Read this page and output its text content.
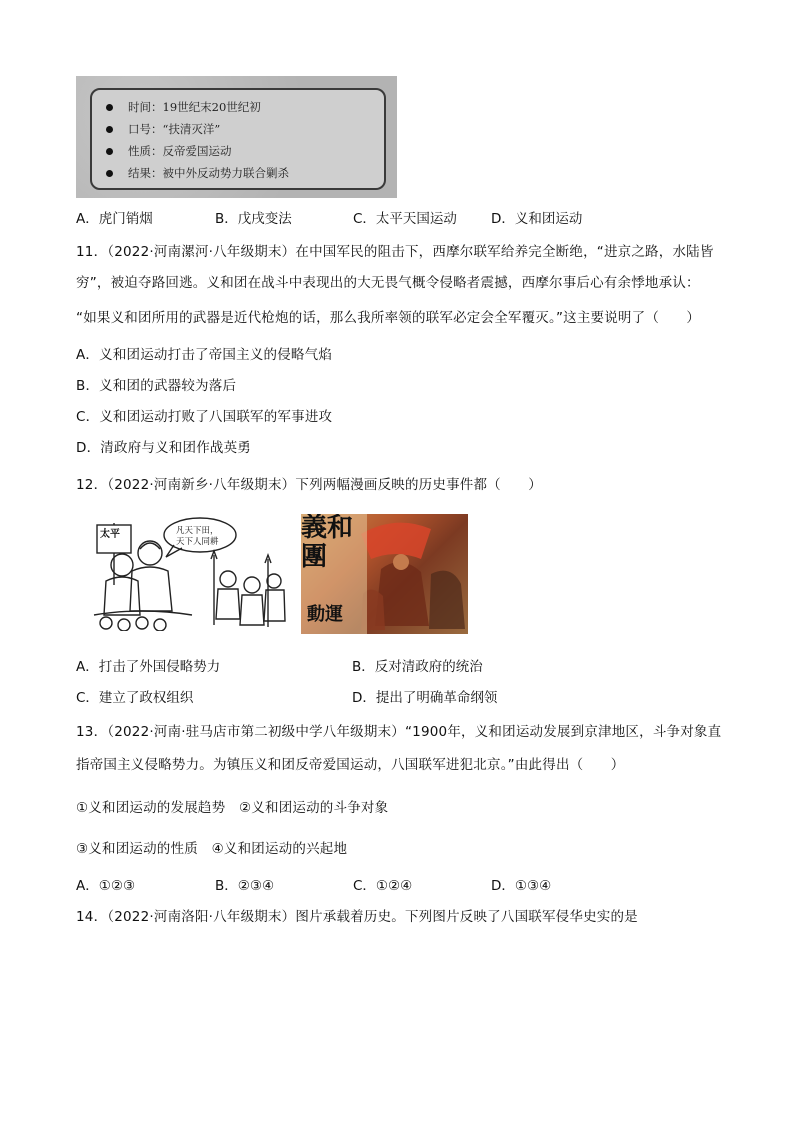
时间：19世纪末20世纪初
口号：“扶清灭洋”
性质：反帝爱国运动
结果：被中外反动势力联合剿杀
A．虎门销烟	B．戊戌变法	C．太平天国运动	D．义和团运动
11．（2022·河南漯河·八年级期末）在中国军民的阻击下，西摩尔联军给养完全断绝，“进京之路，水陆皆
穷”，被迫夺路回逃。义和团在战斗中表现出的大无畏气概令侵略者震撼，西摩尔事后心有余悸地承认：
“如果义和团所用的武器是近代枪炮的话，那么我所率领的联军必定会全军覆灭。”这主要说明了（　　）
A．义和团运动打击了帝国主义的侵略气焰
B．义和团的武器较为落后
C．义和团运动打败了八国联军的军事进攻
D．清政府与义和团作战英勇
12．（2022·河南新乡·八年级期末）下列两幅漫画反映的历史事件都（　　）
太平	凡天下田，
天下人同耕	義和團
動運
A．打击了外国侵略势力	B．反对清政府的统治
C．建立了政权组织	D．提出了明确革命纲领
13．（2022·河南·驻马店市第二初级中学八年级期末）“1900年，义和团运动发展到京津地区，斗争对象直
指帝国主义侵略势力。为镇压义和团反帝爱国运动，八国联军进犯北京。”由此得出（　　）
①义和团运动的发展趋势　②义和团运动的斗争对象
③义和团运动的性质　④义和团运动的兴起地
A．①②③	B．②③④	C．①②④	D．①③④
14．（2022·河南洛阳·八年级期末）图片承载着历史。下列图片反映了八国联军侵华史实的是
